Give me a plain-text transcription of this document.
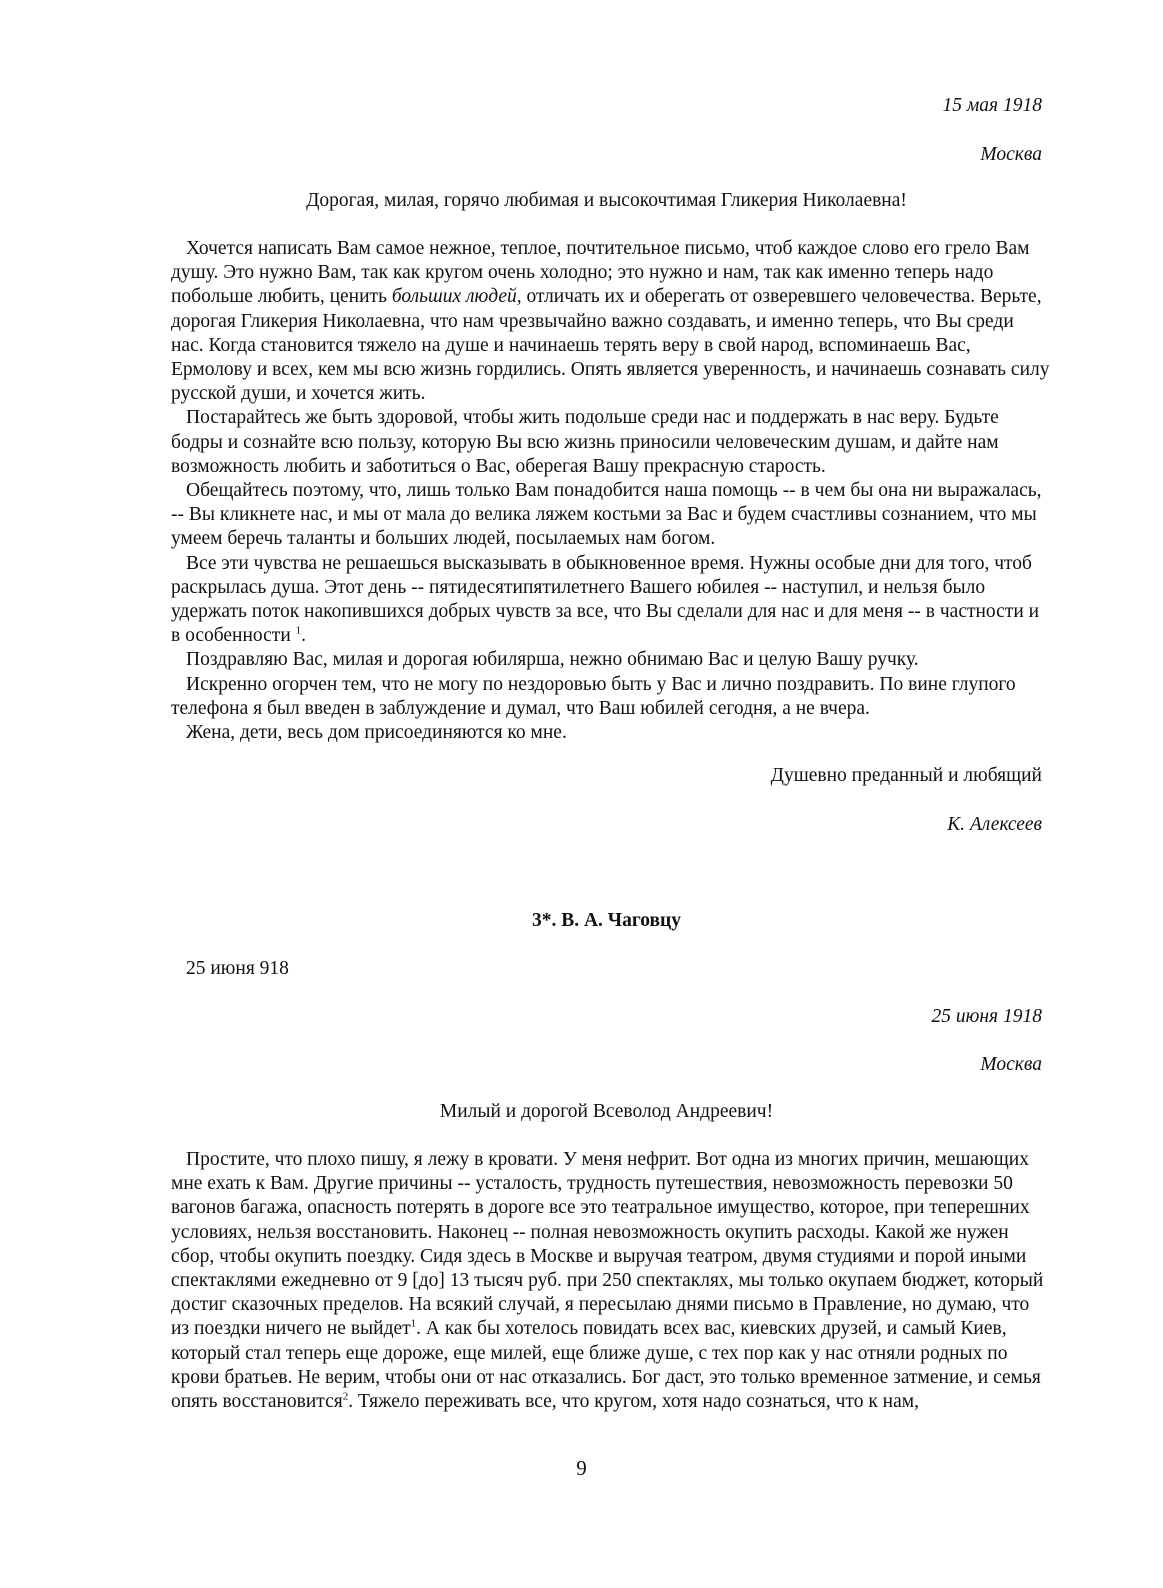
15 мая 1918
Москва
Дорогая, милая, горячо любимая и высокочтимая Гликерия Николаевна!

Хочется написать Вам самое нежное, теплое, почтительное письмо, чтоб каждое слово его грело Вам душу. Это нужно Вам, так как кругом очень холодно; это нужно и нам, так как именно теперь надо побольше любить, ценить больших людей, отличать их и оберегать от озверевшего человечества. Верьте, дорогая Гликерия Николаевна, что нам чрезвычайно важно создавать, и именно теперь, что Вы среди нас. Когда становится тяжело на душе и начинаешь терять веру в свой народ, вспоминаешь Вас, Ермолову и всех, кем мы всю жизнь гордились. Опять является уверенность, и начинаешь сознавать силу русской души, и хочется жить.

Постарайтесь же быть здоровой, чтобы жить подольше среди нас и поддержать в нас веру. Будьте бодры и сознайте всю пользу, которую Вы всю жизнь приносили человеческим душам, и дайте нам возможность любить и заботиться о Вас, оберегая Вашу прекрасную старость.

Обещайтесь поэтому, что, лишь только Вам понадобится наша помощь -- в чем бы она ни выражалась, -- Вы кликнете нас, и мы от мала до велика ляжем костьми за Вас и будем счастливы сознанием, что мы умеем беречь таланты и больших людей, посылаемых нам богом.

Все эти чувства не решаешься высказывать в обыкновенное время. Нужны особые дни для того, чтоб раскрылась душа. Этот день -- пятидесятипятилетнего Вашего юбилея -- наступил, и нельзя было удержать поток накопившихся добрых чувств за все, что Вы сделали для нас и для меня -- в частности и в особенности $^1$.

Поздравляю Вас, милая и дорогая юбилярша, нежно обнимаю Вас и целую Вашу ручку.

Искренно огорчен тем, что не могу по нездоровью быть у Вас и лично поздравить. По вине глупого телефона я был введен в заблуждение и думал, что Ваш юбилей сегодня, а не вчера.

Жена, дети, весь дом присоединяются ко мне.

Душевно преданный и любящий
К. Алексеев
3*. В. А. Чаговцу

25 июня 918

25 июня 1918
Москва
Милый и дорогой Всеволод Андреевич!

Простите, что плохо пишу, я лежу в кровати. У меня нефрит. Вот одна из многих причин, мешающих мне ехать к Вам. Другие причины -- усталость, трудность путешествия, невозможность перевозки 50 вагонов багажа, опасность потерять в дороге все это театральное имущество, которое, при теперешних условиях, нельзя восстановить. Наконец -- полная невозможность окупить расходы. Какой же нужен сбор, чтобы окупить поездку. Сидя здесь в Москве и выручая театром, двумя студиями и порой иными спектаклями ежедневно от 9 [до] 13 тысяч руб. при 250 спектаклях, мы только окупаем бюджет, который достиг сказочных пределов. На всякий случай, я пересылаю днями письмо в Правление, но думаю, что из поездки ничего не выйдет$^1$. А как бы хотелось повидать всех вас, киевских друзей, и самый Киев, который стал теперь еще дороже, еще милей, еще ближе душе, с тех пор как у нас отняли родных по крови братьев. Не верим, чтобы они от нас отказались. Бог даст, это только временное затмение, и семья опять восстановится$^2$. Тяжело переживать все, что кругом, хотя надо сознаться, что к нам,

9
